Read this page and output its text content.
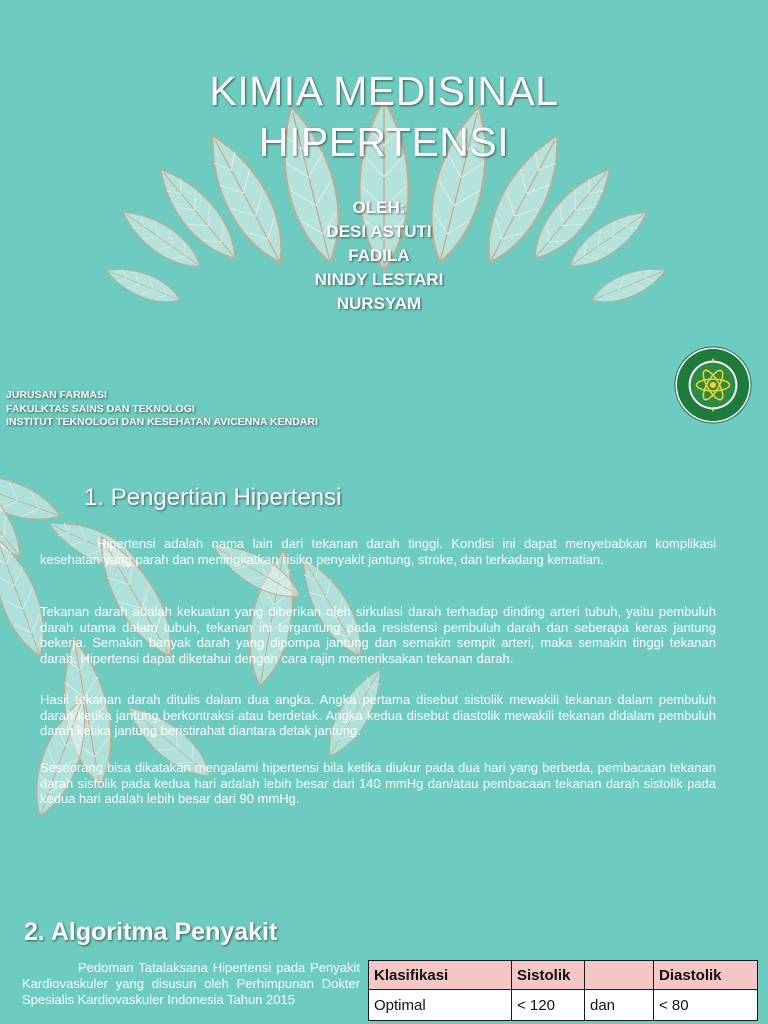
KIMIA MEDISINAL
HIPERTENSI
OLEH:
DESI ASTUTI
FADILA
NINDY LESTARI
NURSYAM
JURUSAN FARMASI
FAKULKTAS SAINS DAN TEKNOLOGI
INSTITUT TEKNOLOGI DAN KESEHATAN AVICENNA KENDARI
1. Pengertian Hipertensi

Hipertensi adalah nama lain dari tekanan darah tinggi. Kondisi ini dapat menyebabkan komplikasi kesehatan yang parah dan meningkatkan risiko penyakit jantung, stroke, dan terkadang kematian.

Tekanan darah adalah kekuatan yang diberikan oleh sirkulasi darah terhadap dinding arteri tubuh, yaitu pembuluh darah utama dalam tubuh, tekanan ini tergantung pada resistensi pembuluh darah dan seberapa keras jantung bekerja. Semakin banyak darah yang dipompa jantung dan semakin sempit arteri, maka semakin tinggi tekanan darah. Hipertensi dapat diketahui dengan cara rajin memeriksakan tekanan darah.

Hasil tekanan darah ditulis dalam dua angka. Angka pertama disebut sistolik mewakili tekanan dalam pembuluh darah ketika jantung berkontraksi atau berdetak. Angka kedua disebut diastolik mewakili tekanan didalam pembuluh darah ketika jantung beristirahat diantara detak jantung.

Seseorang bisa dikatakan mengalami hipertensi bila ketika diukur pada dua hari yang berbeda, pembacaan tekanan darah sistolik pada kedua hari adalah lebih besar dari 140 mmHg dan/atau pembacaan tekanan darah sistolik pada kedua hari adalah lebih besar dari 90 mmHg.

2. Algoritma Penyakit

Pedoman Tatalaksana Hipertensi pada Penyakit Kardiovaskuler yang disusun oleh Perhimpunan Dokter Spesialis Kardiovaskuler Indonesia Tahun 2015

Klasifikasi	Sistolik		Diastolik
Optimal	< 120	dan	< 80
